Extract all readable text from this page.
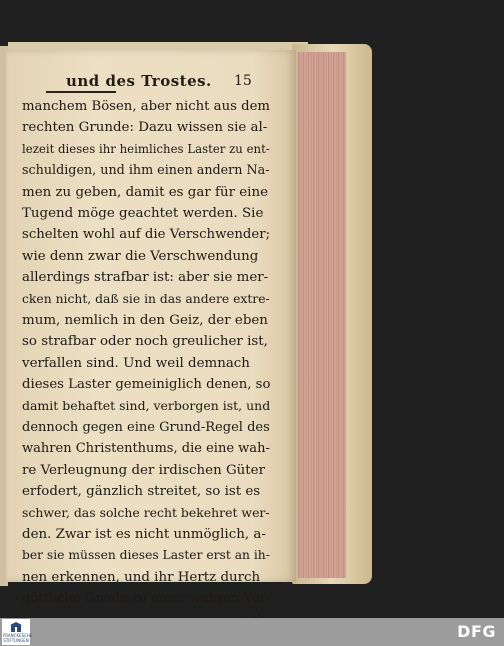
und des Trostes. 15
manchem Bösen, aber nicht aus dem
rechten Grunde: Dazu wissen sie al-
lezeit dieses ihr heimliches Laster zu ent-
schuldigen, und ihm einen andern Na-
men zu geben, damit es gar für eine
Tugend möge geachtet werden. Sie
schelten wohl auf die Verschwender;
wie denn zwar die Verschwendung
allerdings strafbar ist: aber sie mer-
cken nicht, daß sie in das andere extre-
mum, nemlich in den Geiz, der eben
so strafbar oder noch greulicher ist,
verfallen sind. Und weil demnach
dieses Laster gemeiniglich denen, so
damit behaftet sind, verborgen ist, und
dennoch gegen eine Grund-Regel des
wahren Christenthums, die eine wah-
re Verleugnung der irdischen Güter
erfodert, gänzlich streitet, so ist es
schwer, das solche recht bekehret wer-
den. Zwar ist es nicht unmöglich, a-
ber sie müssen dieses Laster erst an ih-
nen erkennen, und ihr Hertz durch
göttliche Gnade zu einer wahren Ver-
FRANCKESCHE STIFTUNGEN	DFG
